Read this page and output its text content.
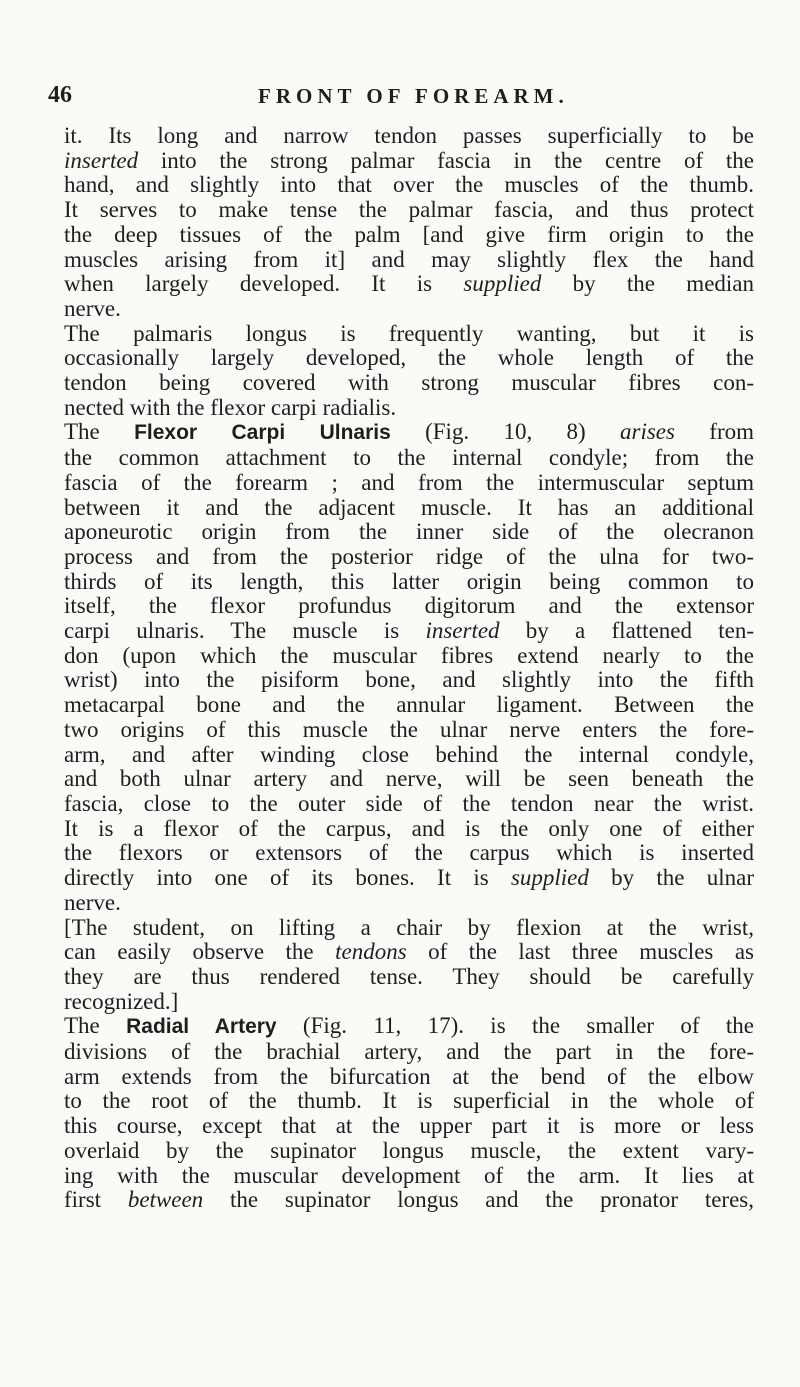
46	FRONT OF FOREARM.
it. Its long and narrow tendon passes superficially to be
inserted into the strong palmar fascia in the centre of the
hand, and slightly into that over the muscles of the thumb.
It serves to make tense the palmar fascia, and thus protect
the deep tissues of the palm [and give firm origin to the
muscles arising from it] and may slightly flex the hand
when largely developed. It is supplied by the median
nerve.
The palmaris longus is frequently wanting, but it is
occasionally largely developed, the whole length of the
tendon being covered with strong muscular fibres con-
nected with the flexor carpi radialis.
The Flexor Carpi Ulnaris (Fig. 10, 8) arises from
the common attachment to the internal condyle; from the
fascia of the forearm ; and from the intermuscular septum
between it and the adjacent muscle. It has an additional
aponeurotic origin from the inner side of the olecranon
process and from the posterior ridge of the ulna for two-
thirds of its length, this latter origin being common to
itself, the flexor profundus digitorum and the extensor
carpi ulnaris. The muscle is inserted by a flattened ten-
don (upon which the muscular fibres extend nearly to the
wrist) into the pisiform bone, and slightly into the fifth
metacarpal bone and the annular ligament. Between the
two origins of this muscle the ulnar nerve enters the fore-
arm, and after winding close behind the internal condyle,
and both ulnar artery and nerve, will be seen beneath the
fascia, close to the outer side of the tendon near the wrist.
It is a flexor of the carpus, and is the only one of either
the flexors or extensors of the carpus which is inserted
directly into one of its bones. It is supplied by the ulnar
nerve.
[The student, on lifting a chair by flexion at the wrist,
can easily observe the tendons of the last three muscles as
they are thus rendered tense. They should be carefully
recognized.]
The Radial Artery (Fig. 11, 17). is the smaller of the
divisions of the brachial artery, and the part in the fore-
arm extends from the bifurcation at the bend of the elbow
to the root of the thumb. It is superficial in the whole of
this course, except that at the upper part it is more or less
overlaid by the supinator longus muscle, the extent vary-
ing with the muscular development of the arm. It lies at
first between the supinator longus and the pronator teres,
